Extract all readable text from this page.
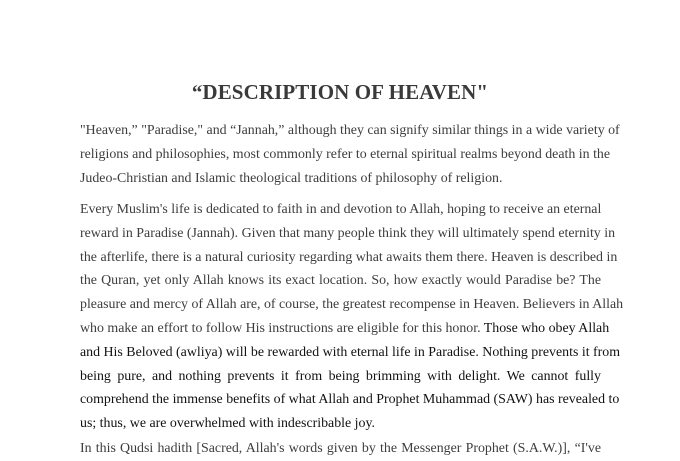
“DESCRIPTION OF HEAVEN"
"Heaven,” "Paradise," and “Jannah,” although they can signify similar things in a wide variety of
religions and philosophies, most commonly refer to eternal spiritual realms beyond death in the
Judeo-Christian and Islamic theological traditions of philosophy of religion.
Every Muslim's life is dedicated to faith in and devotion to Allah, hoping to receive an eternal
reward in Paradise (Jannah). Given that many people think they will ultimately spend eternity in
the afterlife, there is a natural curiosity regarding what awaits them there. Heaven is described in
the Quran, yet only Allah knows its exact location. So, how exactly would Paradise be? The
pleasure and mercy of Allah are, of course, the greatest recompense in Heaven. Believers in Allah
who make an effort to follow His instructions are eligible for this honor. Those who obey Allah
and His Beloved (awliya) will be rewarded with eternal life in Paradise. Nothing prevents it from
being pure, and nothing prevents it from being brimming with delight. We cannot fully
comprehend the immense benefits of what Allah and Prophet Muhammad (SAW) has revealed to
us; thus, we are overwhelmed with indescribable joy.
In this Qudsi hadith [Sacred, Allah's words given by the Messenger Prophet (S.A.W.)], “I've
